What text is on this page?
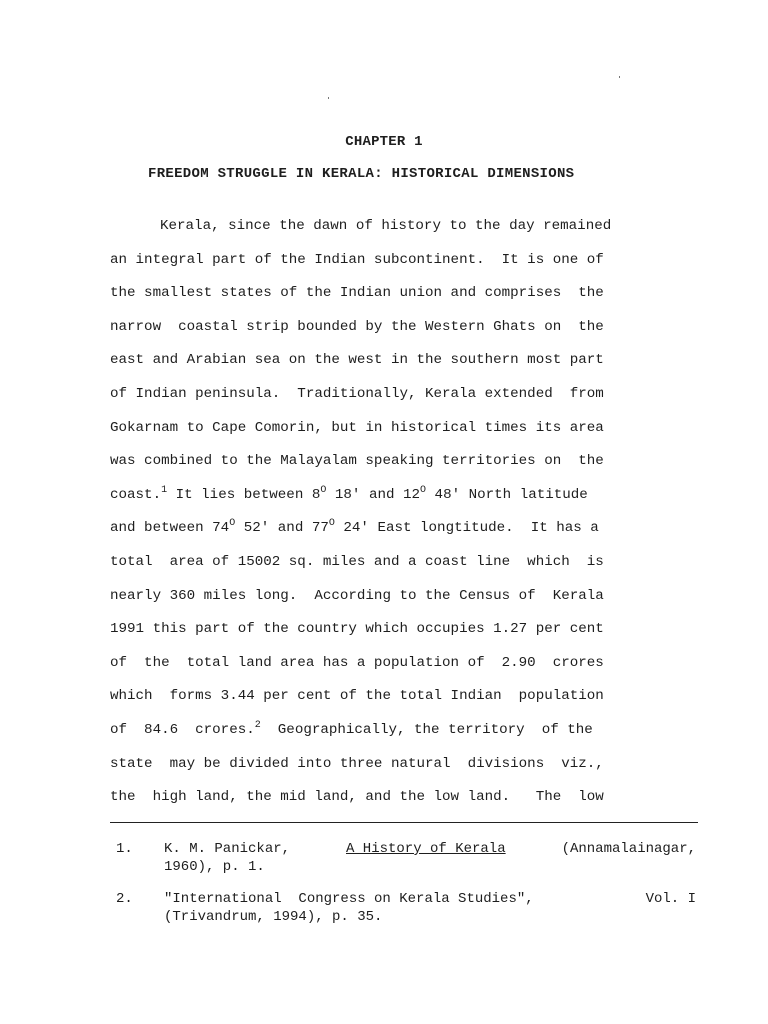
CHAPTER 1
FREEDOM STRUGGLE IN KERALA: HISTORICAL DIMENSIONS
Kerala, since the dawn of history to the day remained
an integral part of the Indian subcontinent.  It is one of
the smallest states of the Indian union and comprises  the
narrow  coastal strip bounded by the Western Ghats on  the
east and Arabian sea on the west in the southern most part
of Indian peninsula.  Traditionally, Kerala extended  from
Gokarnam to Cape Comorin, but in historical times its area
was combined to the Malayalam speaking territories on  the
coast.$^1$ It lies between $8^O$ 18' and $12^O$ 48' North latitude
and between $74^O$ 52' and $77^O$ 24' East longtitude.  It has a
total  area of 15002 sq. miles and a coast line  which  is
nearly 360 miles long.  According to the Census of  Kerala
1991 this part of the country which occupies 1.27 per cent
of  the  total land area has a population of  2.90  crores
which  forms 3.44 per cent of the total Indian  population
of  84.6  crores.$^2$  Geographically, the territory  of the
state  may be divided into three natural  divisions  viz.,
the  high land, the mid land, and the low land.   The  low
1. K. M. Panickar,	A History of Kerala	(Annamalainagar,
1960), p. 1.
2. "International  Congress on Kerala Studies",	Vol. I
(Trivandrum, 1994), p. 35.
